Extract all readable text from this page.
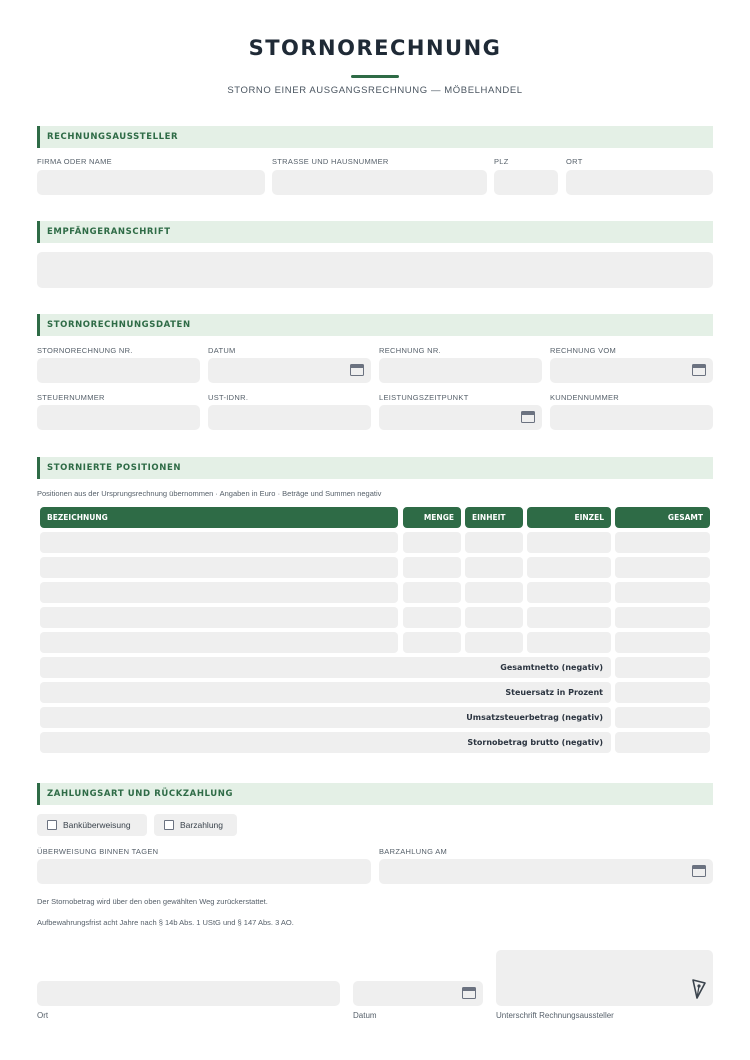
STORNORECHNUNG
STORNO EINER AUSGANGSRECHNUNG — MÖBELHANDEL
RECHNUNGSAUSSTELLER
FIRMA ODER NAME	STRASSE UND HAUSNUMMER	PLZ	ORT
EMPFÄNGERANSCHRIFT
STORNORECHNUNGSDATEN
STORNORECHNUNG NR.	DATUM	RECHNUNG NR.	RECHNUNG VOM
STEUERNUMMER	UST-IDNR.	LEISTUNGSZEITPUNKT	KUNDENNUMMER
STORNIERTE POSITIONEN
Positionen aus der Ursprungsrechnung übernommen · Angaben in Euro · Beträge und Summen negativ
BEZEICHNUNG	MENGE	EINHEIT	EINZEL	GESAMT
Gesamtnetto (negativ)
Steuersatz in Prozent
Umsatzsteuerbetrag (negativ)
Stornobetrag brutto (negativ)
ZAHLUNGSART UND RÜCKZAHLUNG
Banküberweisung	Barzahlung
ÜBERWEISUNG BINNEN TAGEN	BARZAHLUNG AM
Der Stornobetrag wird über den oben gewählten Weg zurückerstattet.
Aufbewahrungsfrist acht Jahre nach § 14b Abs. 1 UStG und § 147 Abs. 3 AO.
Ort	Datum	Unterschrift Rechnungsaussteller
